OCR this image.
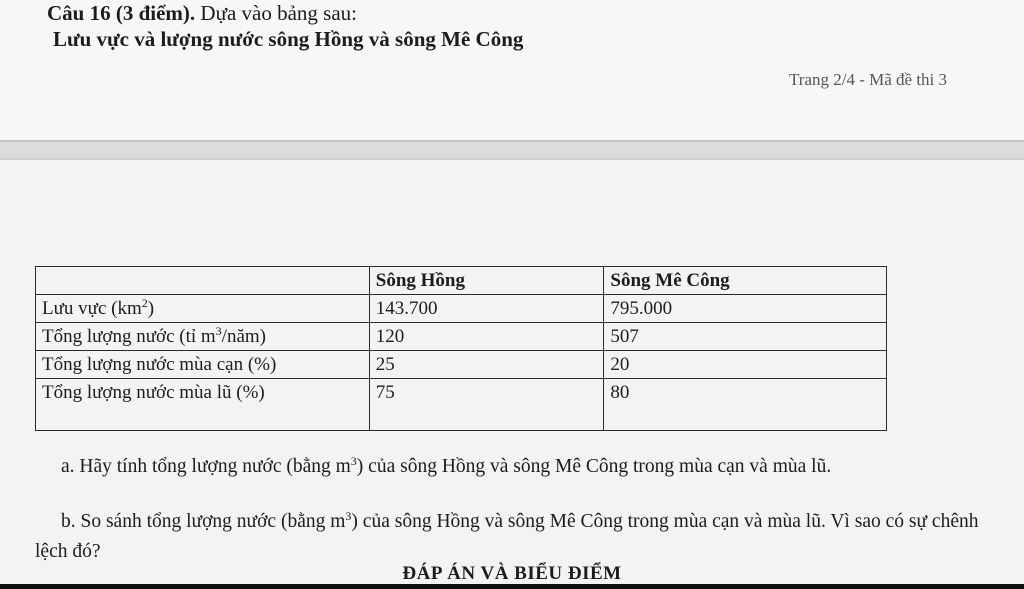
Câu 16 (3 điểm). Dựa vào bảng sau:
Lưu vực và lượng nước sông Hồng và sông Mê Công
Trang 2/4 - Mã đề thi 3
	Sông Hồng	Sông Mê Công
Lưu vực $(km^2)$	143.700	795.000
Tổng lượng nước (tỉ $m^3/năm$)	120	507
Tổng lượng nước mùa cạn (%)	25	20
Tổng lượng nước mùa lũ (%)	75	80
a. Hãy tính tổng lượng nước (bằng $m^3$) của sông Hồng và sông Mê Công trong mùa cạn và mùa lũ.
b. So sánh tổng lượng nước (bằng $m^3$) của sông Hồng và sông Mê Công trong mùa cạn và mùa lũ. Vì sao có sự chênh lệch đó?
ĐÁP ÁN VÀ BIỂU ĐIỂM
